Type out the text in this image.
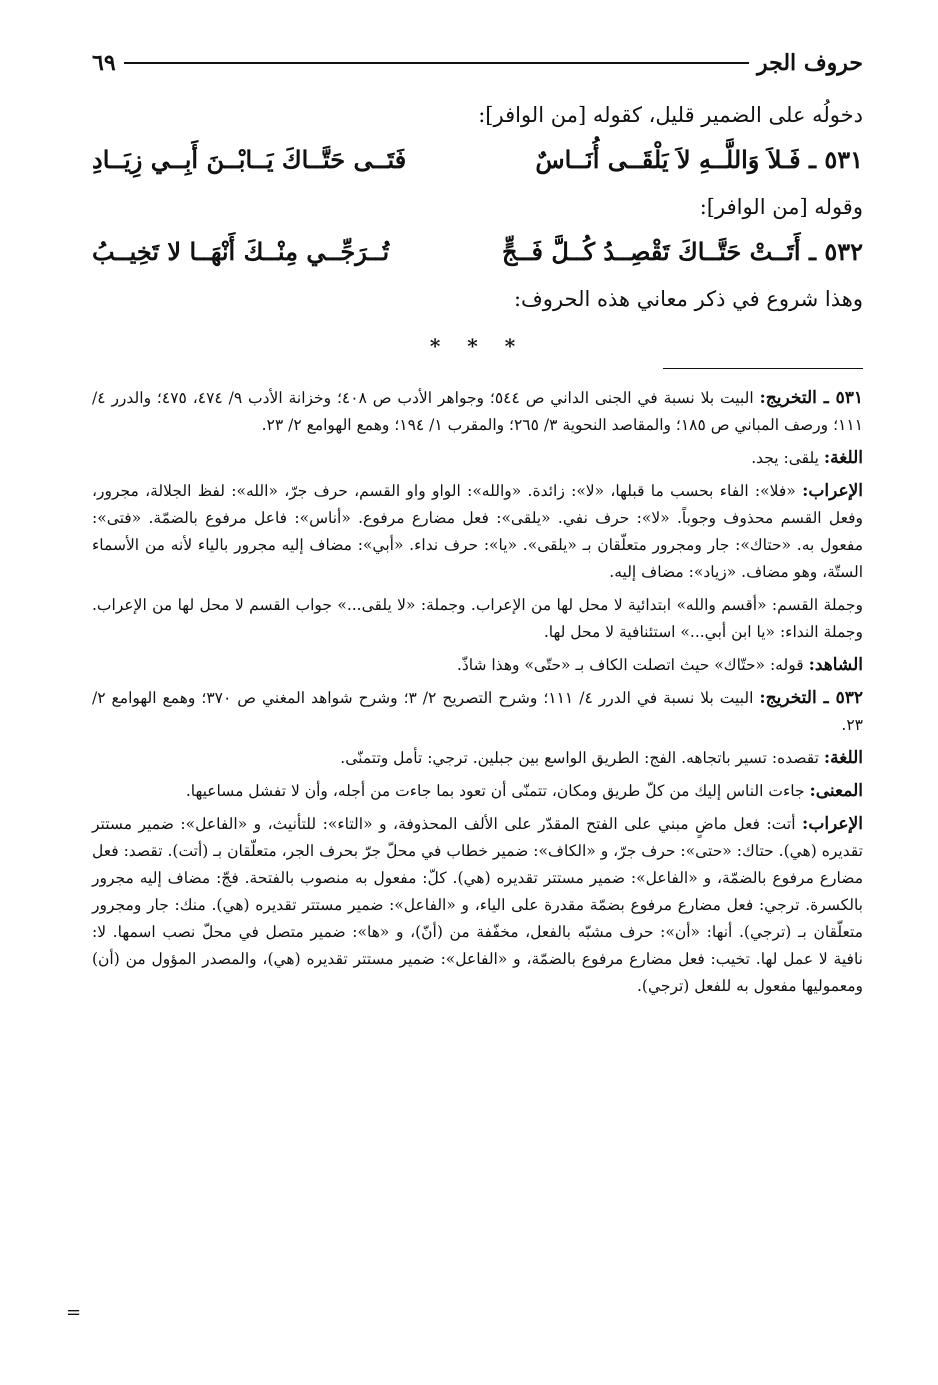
حروف الجر
٦٩

دخولُه على الضمير قليل، كقوله [من الوافر]:

٥٣١ ـ فَـلاَ وَاللَّــهِ لاَ يَلْقَــى أُنَــاسٌ
فَتَــى حَتَّــاكَ يَــابْــنَ أَبِــي زِيَــادِ

وقوله [من الوافر]:

٥٣٢ ـ أَتَــتْ حَتَّــاكَ تَقْصِــدُ كُــلَّ فَــجٍّ
تُــرَجِّــي مِنْــكَ أَنْهَــا لا تَخِيــبُ

وهذا شروع في ذكر معاني هذه الحروف:

* * *

٥٣١ ـ التخريج: البيت بلا نسبة في الجنى الداني ص ٥٤٤؛ وجواهر الأدب ص ٤٠٨؛ وخزانة الأدب ٩/ ٤٧٤، ٤٧٥؛ والدرر ٤/ ١١١؛ ورصف المباني ص ١٨٥؛ والمقاصد النحوية ٣/ ٢٦٥؛ والمقرب ١/ ١٩٤؛ وهمع الهوامع ٢/ ٢٣.

اللغة: يلقى: يجد.

الإعراب: «فلا»: الفاء بحسب ما قبلها، «لا»: زائدة. «والله»: الواو واو القسم، حرف جرّ، «الله»: لفظ الجلالة، مجرور، وفعل القسم محذوف وجوباً. «لا»: حرف نفي. «يلقى»: فعل مضارع مرفوع. «أناس»: فاعل مرفوع بالضمّة. «فتى»: مفعول به. «حتاك»: جار ومجرور متعلّقان بـ «يلقى». «يا»: حرف نداء. «أبي»: مضاف إليه مجرور بالياء لأنه من الأسماء الستّة، وهو مضاف. «زياد»: مضاف إليه.

وجملة القسم: «أقسم والله» ابتدائية لا محل لها من الإعراب. وجملة: «لا يلقى...» جواب القسم لا محل لها من الإعراب. وجملة النداء: «يا ابن أبي...» استئنافية لا محل لها.

الشاهد: قوله: «حتّاك» حيث اتصلت الكاف بـ «حتّى» وهذا شاذّ.

٥٣٢ ـ التخريج: البيت بلا نسبة في الدرر ٤/ ١١١؛ وشرح التصريح ٢/ ٣؛ وشرح شواهد المغني ص ٣٧٠؛ وهمع الهوامع ٢/ ٢٣.

اللغة: تقصده: تسير باتجاهه. الفج: الطريق الواسع بين جبلين. ترجي: تأمل وتتمنّى.

المعنى: جاءت الناس إليك من كلّ طريق ومكان، تتمنّى أن تعود بما جاءت من أجله، وأن لا تفشل مساعيها.

الإعراب: أتت: فعل ماضٍ مبني على الفتح المقدّر على الألف المحذوفة، و «التاء»: للتأنيث، و «الفاعل»: ضمير مستتر تقديره (هي). حتاك: «حتى»: حرف جرّ، و «الكاف»: ضمير خطاب في محلّ جرّ بحرف الجر، متعلّقان بـ (أتت). تقصد: فعل مضارع مرفوع بالضمّة، و «الفاعل»: ضمير مستتر تقديره (هي). كلّ: مفعول به منصوب بالفتحة. فجّ: مضاف إليه مجرور بالكسرة. ترجي: فعل مضارع مرفوع بضمّة مقدرة على الياء، و «الفاعل»: ضمير مستتر تقديره (هي). منك: جار ومجرور متعلّقان بـ (ترجي). أنها: «أن»: حرف مشبّه بالفعل، مخفّفة من (أنّ)، و «ها»: ضمير متصل في محلّ نصب اسمها. لا: نافية لا عمل لها. تخيب: فعل مضارع مرفوع بالضمّة، و «الفاعل»: ضمير مستتر تقديره (هي)، والمصدر المؤول من (أن) ومعموليها مفعول به للفعل (ترجي).

=
